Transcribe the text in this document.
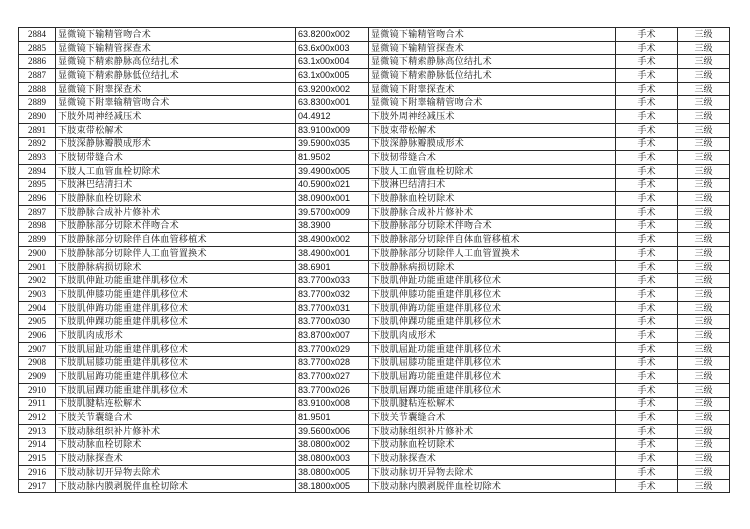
2884	显微镜下输精管吻合术	63.8200x002	显微镜下输精管吻合术	手术	三级
2885	显微镜下输精管探查术	63.6x00x003	显微镜下输精管探查术	手术	三级
2886	显微镜下精索静脉高位结扎术	63.1x00x004	显微镜下精索静脉高位结扎术	手术	三级
2887	显微镜下精索静脉低位结扎术	63.1x00x005	显微镜下精索静脉低位结扎术	手术	三级
2888	显微镜下附睾探查术	63.9200x002	显微镜下附睾探查术	手术	三级
2889	显微镜下附睾输精管吻合术	63.8300x001	显微镜下附睾输精管吻合术	手术	三级
2890	下肢外周神经减压术	04.4912	下肢外周神经减压术	手术	三级
2891	下肢束带松解术	83.9100x009	下肢束带松解术	手术	三级
2892	下肢深静脉瓣膜成形术	39.5900x035	下肢深静脉瓣膜成形术	手术	三级
2893	下肢韧带缝合术	81.9502	下肢韧带缝合术	手术	三级
2894	下肢人工血管血栓切除术	39.4900x005	下肢人工血管血栓切除术	手术	三级
2895	下肢淋巴结清扫术	40.5900x021	下肢淋巴结清扫术	手术	三级
2896	下肢静脉血栓切除术	38.0900x001	下肢静脉血栓切除术	手术	三级
2897	下肢静脉合成补片修补术	39.5700x009	下肢静脉合成补片修补术	手术	三级
2898	下肢静脉部分切除术伴吻合术	38.3900	下肢静脉部分切除术伴吻合术	手术	三级
2899	下肢静脉部分切除伴自体血管移植术	38.4900x002	下肢静脉部分切除伴自体血管移植术	手术	三级
2900	下肢静脉部分切除伴人工血管置换术	38.4900x001	下肢静脉部分切除伴人工血管置换术	手术	三级
2901	下肢静脉病损切除术	38.6901	下肢静脉病损切除术	手术	三级
2902	下肢肌伸趾功能重建伴肌移位术	83.7700x033	下肢肌伸趾功能重建伴肌移位术	手术	三级
2903	下肢肌伸膝功能重建伴肌移位术	83.7700x032	下肢肌伸膝功能重建伴肌移位术	手术	三级
2904	下肢肌伸踇功能重建伴肌移位术	83.7700x031	下肢肌伸踇功能重建伴肌移位术	手术	三级
2905	下肢肌伸踝功能重建伴肌移位术	83.7700x030	下肢肌伸踝功能重建伴肌移位术	手术	三级
2906	下肢肌肉成形术	83.8700x007	下肢肌肉成形术	手术	三级
2907	下肢肌屈趾功能重建伴肌移位术	83.7700x029	下肢肌屈趾功能重建伴肌移位术	手术	三级
2908	下肢肌屈膝功能重建伴肌移位术	83.7700x028	下肢肌屈膝功能重建伴肌移位术	手术	三级
2909	下肢肌屈踇功能重建伴肌移位术	83.7700x027	下肢肌屈踇功能重建伴肌移位术	手术	三级
2910	下肢肌屈踝功能重建伴肌移位术	83.7700x026	下肢肌屈踝功能重建伴肌移位术	手术	三级
2911	下肢肌腱粘连松解术	83.9100x008	下肢肌腱粘连松解术	手术	三级
2912	下肢关节囊缝合术	81.9501	下肢关节囊缝合术	手术	三级
2913	下肢动脉组织补片修补术	39.5600x006	下肢动脉组织补片修补术	手术	三级
2914	下肢动脉血栓切除术	38.0800x002	下肢动脉血栓切除术	手术	三级
2915	下肢动脉探查术	38.0800x003	下肢动脉探查术	手术	三级
2916	下肢动脉切开异物去除术	38.0800x005	下肢动脉切开异物去除术	手术	三级
2917	下肢动脉内膜剥脱伴血栓切除术	38.1800x005	下肢动脉内膜剥脱伴血栓切除术	手术	三级
